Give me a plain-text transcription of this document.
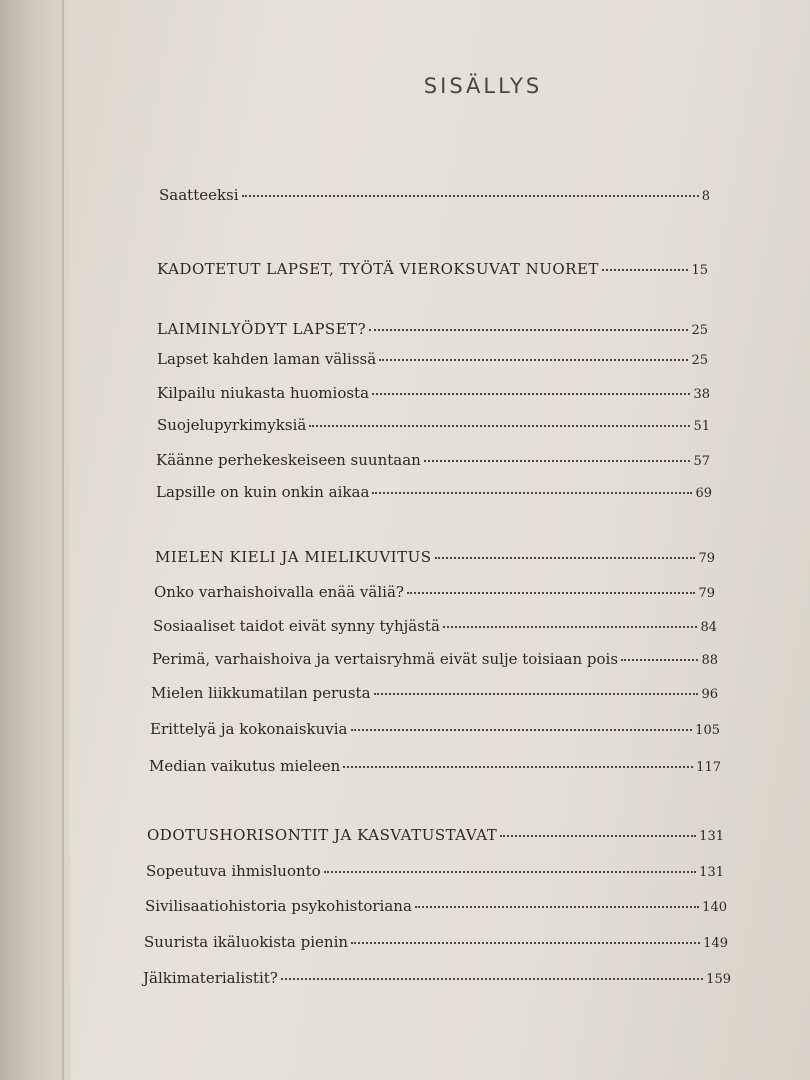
SISÄLLYS
Saatteeksi	8
KADOTETUT LAPSET, TYÖTÄ VIEROKSUVAT NUORET	15
LAIMINLYÖDYT LAPSET?	25
Lapset kahden laman välissä	25
Kilpailu niukasta huomiosta	38
Suojelupyrkimyksiä	51
Käänne perhekeskeiseen suuntaan	57
Lapsille on kuin onkin aikaa	69
MIELEN KIELI JA MIELIKUVITUS	79
Onko varhaishoivalla enää väliä?	79
Sosiaaliset taidot eivät synny tyhjästä	84
Perimä, varhaishoiva ja vertaisryhmä eivät sulje toisiaan pois	88
Mielen liikkumatilan perusta	96
Erittelyä ja kokonaiskuvia	105
Median vaikutus mieleen	117
ODOTUSHORISONTIT JA KASVATUSTAVAT	131
Sopeutuva ihmisluonto	131
Sivilisaatiohistoria psykohistoriana	140
Suurista ikäluokista pienin	149
Jälkimaterialistit?	159
